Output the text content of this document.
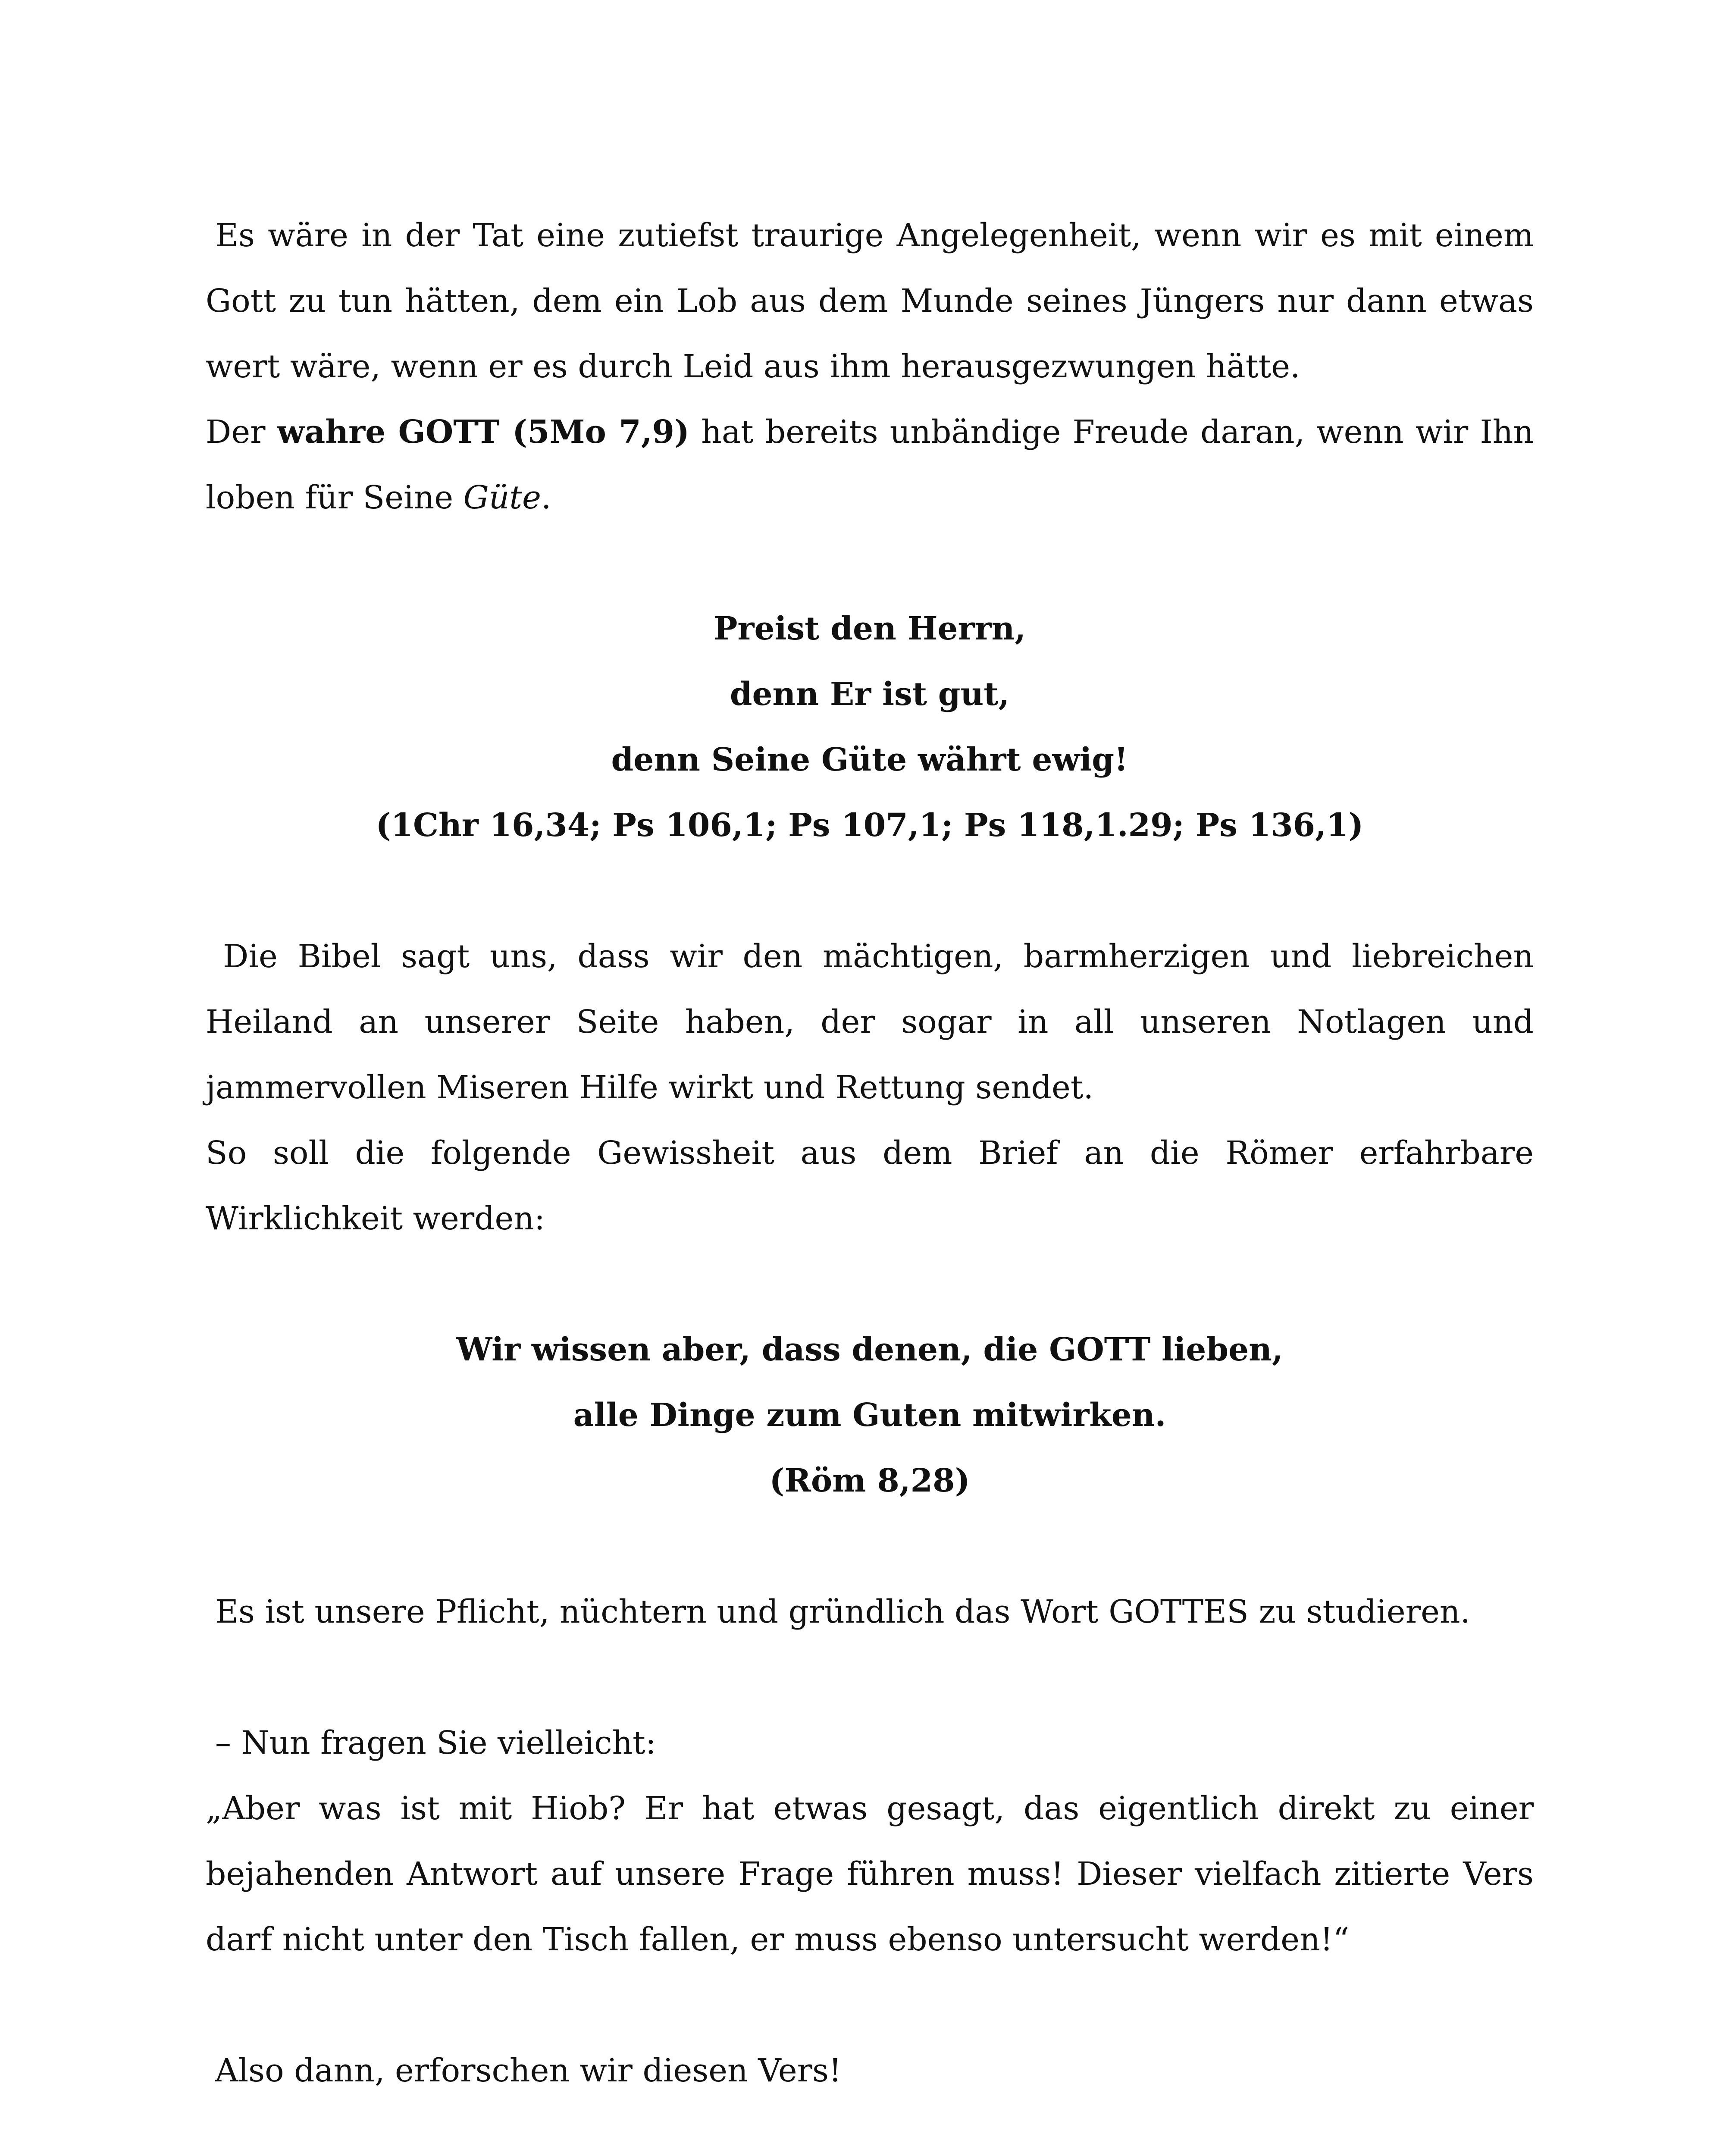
Es wäre in der Tat eine zutiefst traurige Angelegenheit, wenn wir es mit einem Gott zu tun hätten, dem ein Lob aus dem Munde seines Jüngers nur dann etwas wert wäre, wenn er es durch Leid aus ihm herausgezwungen hätte.

Der wahre GOTT (5Mo 7,9) hat bereits unbändige Freude daran, wenn wir Ihn loben für Seine Güte.

Preist den Herrn,

denn Er ist gut,

denn Seine Güte währt ewig!

(1Chr 16,34; Ps 106,1; Ps 107,1; Ps 118,1.29; Ps 136,1)

Die Bibel sagt uns, dass wir den mächtigen, barmherzigen und liebreichen Heiland an unserer Seite haben, der sogar in all unseren Notlagen und jammervollen Miseren Hilfe wirkt und Rettung sendet.

So soll die folgende Gewissheit aus dem Brief an die Römer erfahrbare Wirklichkeit werden:

Wir wissen aber, dass denen, die GOTT lieben,

alle Dinge zum Guten mitwirken.

(Röm 8,28)

Es ist unsere Pflicht, nüchtern und gründlich das Wort GOTTES zu studieren.

– Nun fragen Sie vielleicht:

„Aber was ist mit Hiob? Er hat etwas gesagt, das eigentlich direkt zu einer bejahenden Antwort auf unsere Frage führen muss! Dieser vielfach zitierte Vers darf nicht unter den Tisch fallen, er muss ebenso untersucht werden!“

Also dann, erforschen wir diesen Vers!
